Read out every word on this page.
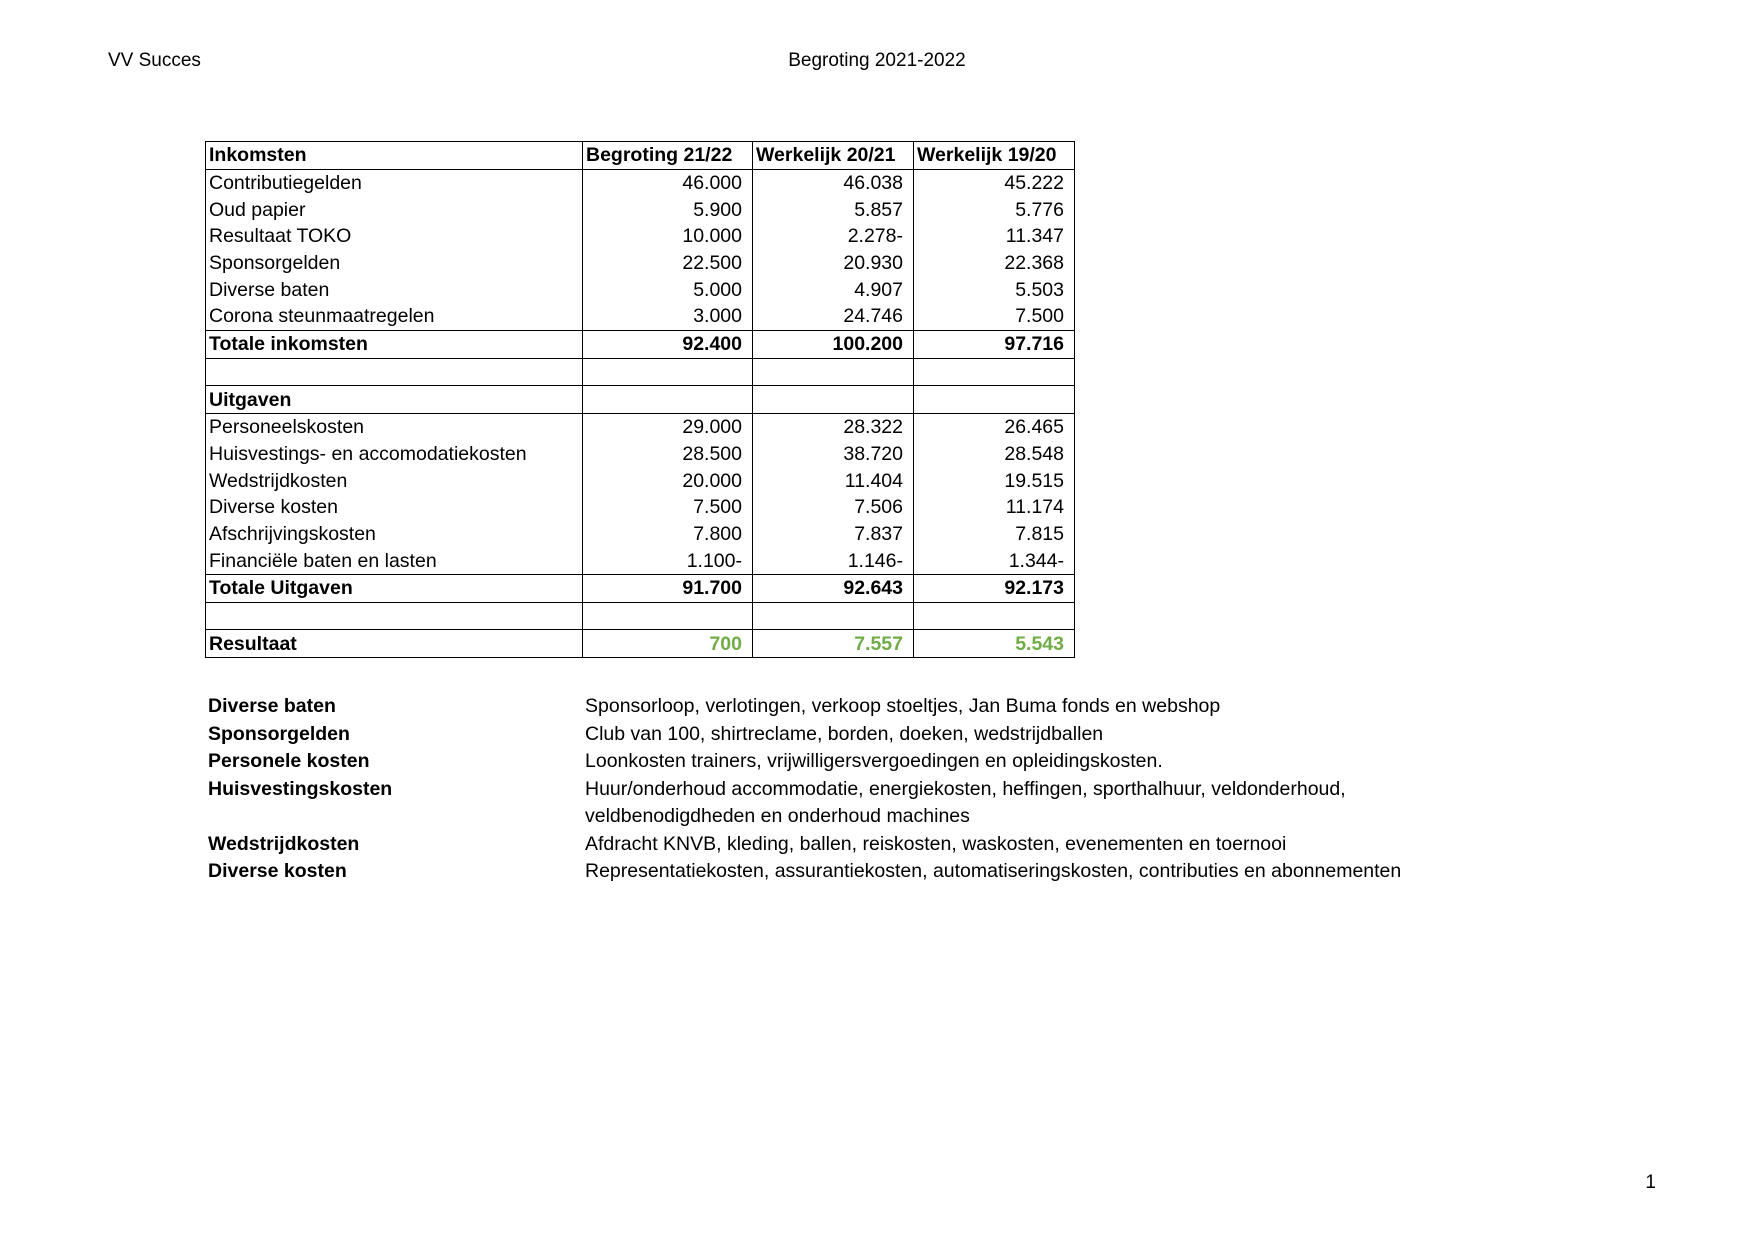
VV Succes	Begroting 2021-2022
Inkomsten	Begroting 21/22	Werkelijk 20/21	Werkelijk 19/20
Contributiegelden	46.000	46.038	45.222
Oud papier	5.900	5.857	5.776
Resultaat TOKO	10.000	2.278-	11.347
Sponsorgelden	22.500	20.930	22.368
Diverse baten	5.000	4.907	5.503
Corona steunmaatregelen	3.000	24.746	7.500
Totale inkomsten	92.400	100.200	97.716

Uitgaven			
Personeelskosten	29.000	28.322	26.465
Huisvestings- en accomodatiekosten	28.500	38.720	28.548
Wedstrijdkosten	20.000	11.404	19.515
Diverse kosten	7.500	7.506	11.174
Afschrijvingskosten	7.800	7.837	7.815
Financiële baten en lasten	1.100-	1.146-	1.344-
Totale Uitgaven	91.700	92.643	92.173

Resultaat	700	7.557	5.543
Diverse baten	Sponsorloop, verlotingen, verkoop stoeltjes, Jan Buma fonds en webshop
Sponsorgelden	Club van 100, shirtreclame, borden, doeken, wedstrijdballen
Personele kosten	Loonkosten trainers, vrijwilligersvergoedingen en opleidingskosten.
Huisvestingskosten	Huur/onderhoud accommodatie, energiekosten, heffingen, sporthalhuur, veldonderhoud, veldbenodigdheden en onderhoud machines
Wedstrijdkosten	Afdracht KNVB, kleding, ballen, reiskosten, waskosten, evenementen en toernooi
Diverse kosten	Representatiekosten, assurantiekosten, automatiseringskosten, contributies en abonnementen
1
